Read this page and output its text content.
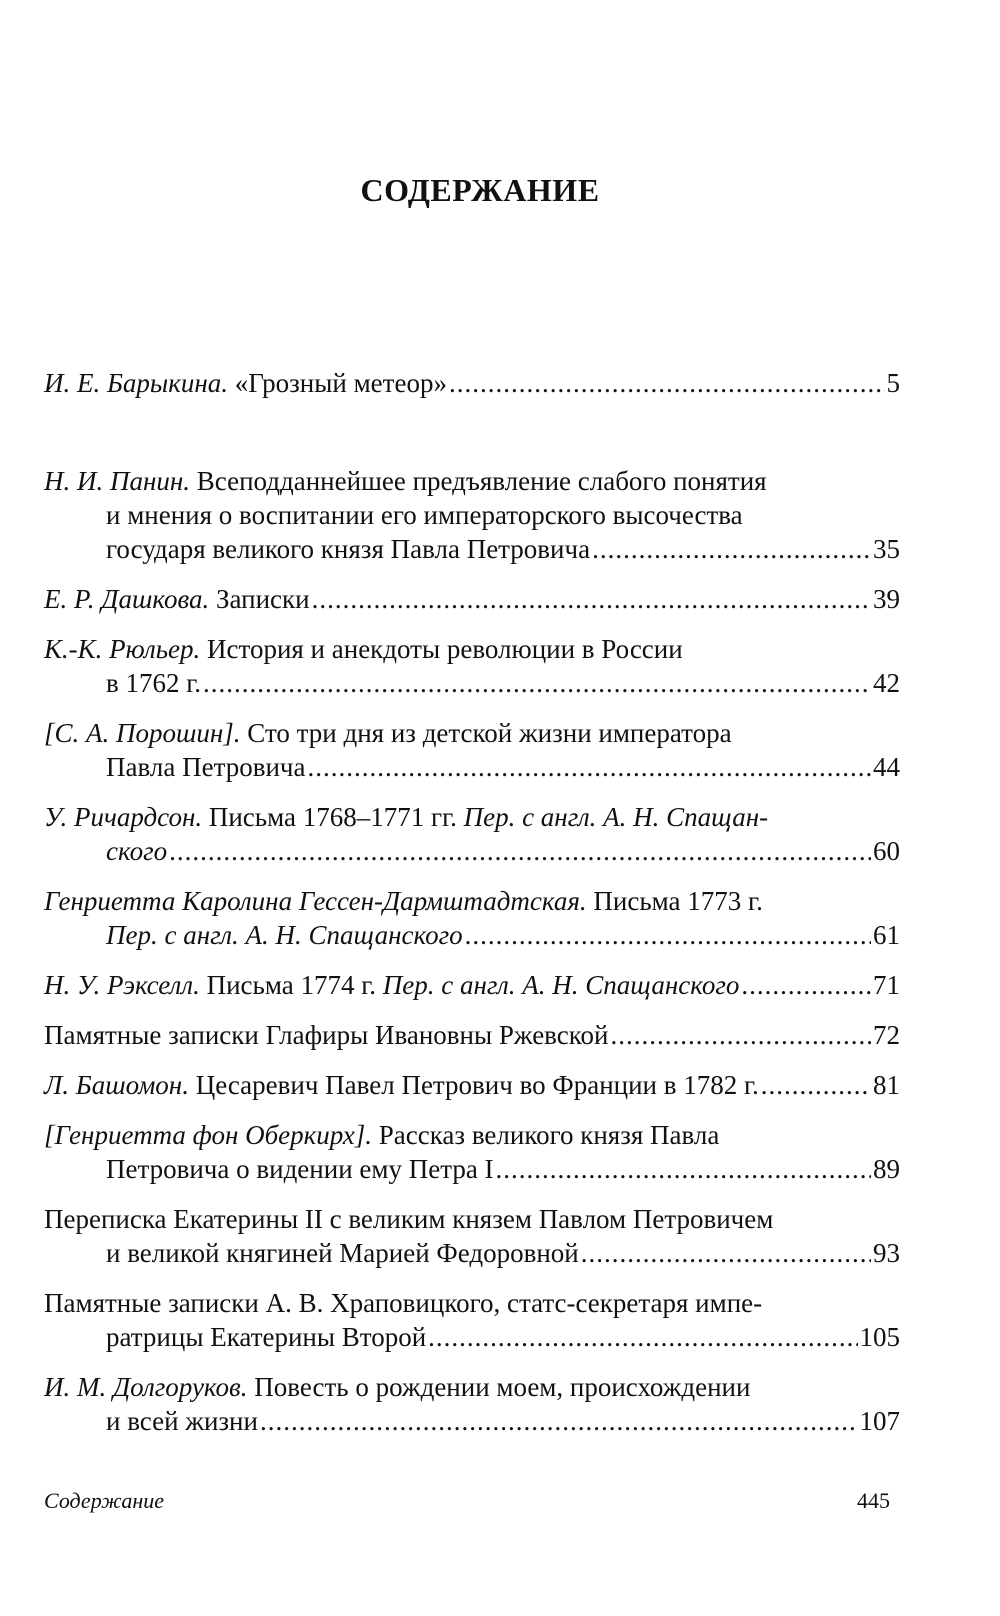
СОДЕРЖАНИЕ
И. Е. Барыкина. «Грозный метеор» .....	5
Н. И. Панин. Всеподданнейшее предъявление слабого понятия
и мнения о воспитании его императорского высочества
государя великого князя Павла Петровича .....	35
Е. Р. Дашкова. Записки .....	39
К.-К. Рюльер. История и анекдоты революции в России
в 1762 г. .....	42
[С. А. Порошин]. Сто три дня из детской жизни императора
Павла Петровича .....	44
У. Ричардсон. Письма 1768–1771 гг. Пер. с англ. А. Н. Спащан-
ского .....	60
Генриетта Каролина Гессен-Дармштадтская. Письма 1773 г.
Пер. с англ. А. Н. Спащанского .....	61
Н. У. Рэкселл. Письма 1774 г. Пер. с англ. А. Н. Спащанского .....	71
Памятные записки Глафиры Ивановны Ржевской .....	72
Л. Башомон. Цесаревич Павел Петрович во Франции в 1782 г. .....	81
[Генриетта фон Оберкирх]. Рассказ великого князя Павла
Петровича о видении ему Петра I .....	89
Переписка Екатерины II с великим князем Павлом Петровичем
и великой княгиней Марией Федоровной .....	93
Памятные записки А. В. Храповицкого, статс-секретаря импе-
ратрицы Екатерины Второй .....	105
И. М. Долгоруков. Повесть о рождении моем, происхождении
и всей жизни .....	107
Содержание	445
